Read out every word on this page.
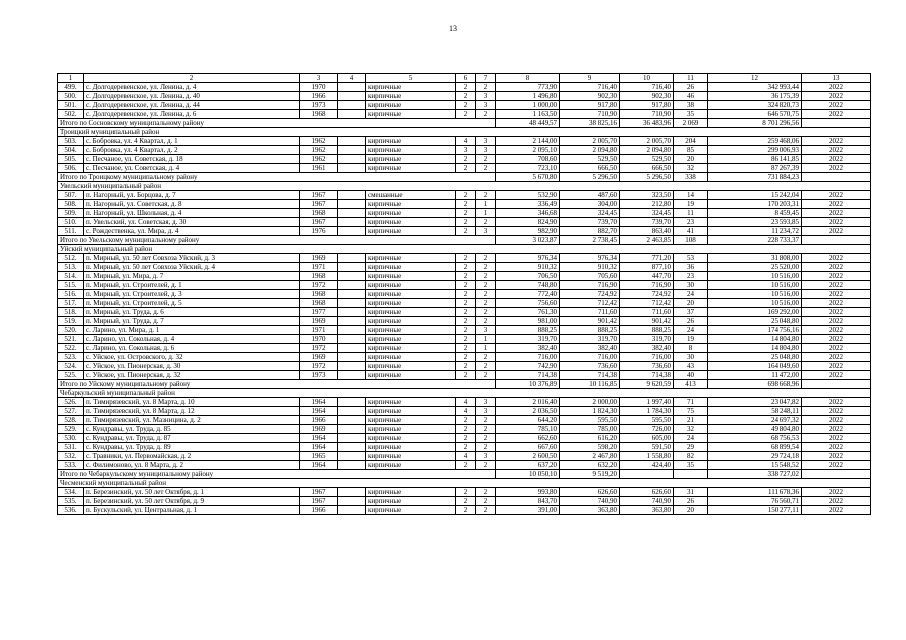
13
1	2	3	4	5	6	7	8	9	10	11	12	13
499.	с. Долгодеревенское, ул. Ленина, д. 4	1970		кирпичные	2	2	773,90	716,40	716,40	26	342 993,44	2022
500.	с. Долгодеревенское, ул. Ленина, д. 40	1966		кирпичные	2	3	1 496,80	902,30	902,30	46	36 175,39	2022
501.	с. Долгодеревенское, ул. Ленина, д. 44	1973		кирпичные	2	3	1 000,00	917,80	917,80	38	324 820,73	2022
502.	с. Долгодеревенское, ул. Ленина, д. 6	1968		кирпичные	2	2	1 163,50	710,90	710,90	35	646 570,75	2022
Итого по Сосновскому муниципальному району							48 449,57	38 825,16	36 483,96	2 069	8 701 296,56	
Троицкий муниципальный район												
503.	с. Бобровка, ул. 4 Квартал, д. 1	1962		кирпичные	4	3	2 144,00	2 005,70	2 005,70	204	259 468,06	2022
504.	с. Бобровка, ул. 4 Квартал, д. 2	1962		кирпичные	3	3	2 095,10	2 094,80	2 094,80	85	299 006,93	2022
505.	с. Песчаное, ул. Советская, д. 18	1962		кирпичные	2	2	708,60	529,50	529,50	20	86 141,85	2022
506.	с. Песчаное, ул. Советская, д. 4	1961		кирпичные	2	2	723,10	666,50	666,50	32	87 267,39	2022
Итого по Троицкому муниципальному району							5 670,80	5 296,50	5 296,50	338	731 884,23	
Увельский муниципальный район												
507.	п. Нагорный, ул. Борцова, д. 7	1967		смешанные	2	2	532,90	487,60	323,50	14	15 242,04	2022
508.	п. Нагорный, ул. Советская, д. 8	1967		кирпичные	2	1	336,49	304,00	212,80	19	170 203,31	2022
509.	п. Нагорный, ул. Школьная, д. 4	1968		кирпичные	2	1	346,68	324,45	324,45	11	8 459,45	2022
510.	п. Увельский, ул. Советская, д. 30	1967		кирпичные	2	2	824,90	739,70	739,70	23	23 593,85	2022
511.	с. Рождественка, ул. Мира, д. 4	1976		кирпичные	2	3	982,90	882,70	863,40	41	11 234,72	2022
Итого по Увельскому муниципальному району							3 023,87	2 738,45	2 463,85	108	228 733,37	
Уйский муниципальный район												
512.	п. Мирный, ул. 50 лет Совхоза Уйский, д. 3	1969		кирпичные	2	2	976,34	976,34	771,20	53	31 808,00	2022
513.	п. Мирный, ул. 50 лет Совхоза Уйский, д. 4	1971		кирпичные	2	2	910,32	910,32	877,10	36	25 520,00	2022
514.	п. Мирный, ул. Мира, д. 7	1968		кирпичные	2	2	706,50	705,60	447,70	23	10 516,00	2022
515.	п. Мирный, ул. Строителей, д. 1	1972		кирпичные	2	2	748,80	716,90	716,90	30	10 516,00	2022
516.	п. Мирный, ул. Строителей, д. 3	1968		кирпичные	2	2	772,40	724,92	724,92	24	10 516,00	2022
517.	п. Мирный, ул. Строителей, д. 5	1968		кирпичные	2	2	756,60	712,42	712,42	20	10 516,00	2022
518.	п. Мирный, ул. Труда, д. 6	1977		кирпичные	2	2	761,30	711,60	711,60	37	169 292,00	2022
519.	п. Мирный, ул. Труда, д. 7	1969		кирпичные	2	2	981,00	901,42	901,42	26	25 048,80	2022
520.	с. Ларино, ул. Мира, д. 1	1971		кирпичные	2	3	888,25	888,25	888,25	24	174 756,16	2022
521.	с. Ларино, ул. Сокольная, д. 4	1970		кирпичные	2	1	319,70	319,70	319,70	19	14 804,80	2022
522.	с. Ларино, ул. Сокольная, д. 6	1972		кирпичные	2	1	382,40	382,40	382,40	8	14 804,80	2022
523.	с. Уйское, ул. Островского, д. 32	1969		кирпичные	2	2	716,00	716,00	716,00	30	25 048,80	2022
524.	с. Уйское, ул. Пионерская, д. 30	1972		кирпичные	2	2	742,90	736,60	736,60	43	164 049,60	2022
525.	с. Уйское, ул. Пионерская, д. 32	1973		кирпичные	2	2	714,38	714,38	714,38	40	11 472,00	2022
Итого по Уйскому муниципальному району							10 376,89	10 116,85	9 620,59	413	698 668,96	
Чебаркульский муниципальный район												
526.	п. Тимирязевский, ул. 8 Марта, д. 10	1964		кирпичные	4	3	2 016,40	2 000,00	1 997,40	71	23 047,82	2022
527.	п. Тимирязевский, ул. 8 Марта, д. 12	1964		кирпичные	4	3	2 036,50	1 824,30	1 784,30	75	58 248,11	2022
528.	п. Тимирязевский, ул. Мазницина, д. 2	1966		кирпичные	2	2	644,20	595,50	595,50	21	24 697,32	2022
529.	с. Кундравы, ул. Труда, д. 85	1969		кирпичные	2	2	785,10	785,00	726,00	32	49 804,80	2022
530.	с. Кундравы, ул. Труда, д. 87	1964		кирпичные	2	2	662,60	616,20	605,00	24	68 756,53	2022
531.	с. Кундравы, ул. Труда, д. 89	1964		кирпичные	2	2	667,60	598,20	591,50	29	68 899,54	2022
532.	с. Травники, ул. Первомайская, д. 2	1965		кирпичные	4	3	2 600,50	2 467,80	1 558,80	82	29 724,18	2022
533.	с. Филимоново, ул. 8 Марта, д. 2	1964		кирпичные	2	2	637,20	632,20	424,40	35	15 548,52	2022
Итого по Чебаркульскому муниципальному району							10 050,10	9 519,20			338 727,02	
Чесменский муниципальный район												
534.	п. Березинский, ул. 50 лет Октября, д. 1	1967		кирпичные	2	2	993,80	626,60	626,60	31	111 678,36	2022
535.	п. Березинский, ул. 50 лет Октября, д. 9	1967		кирпичные	2	2	843,70	740,90	740,90	26	76 560,71	2022
536.	п. Бускульский, ул. Центральная, д. 1	1966		кирпичные	2	2	391,00	363,80	363,80	20	150 277,11	2022
